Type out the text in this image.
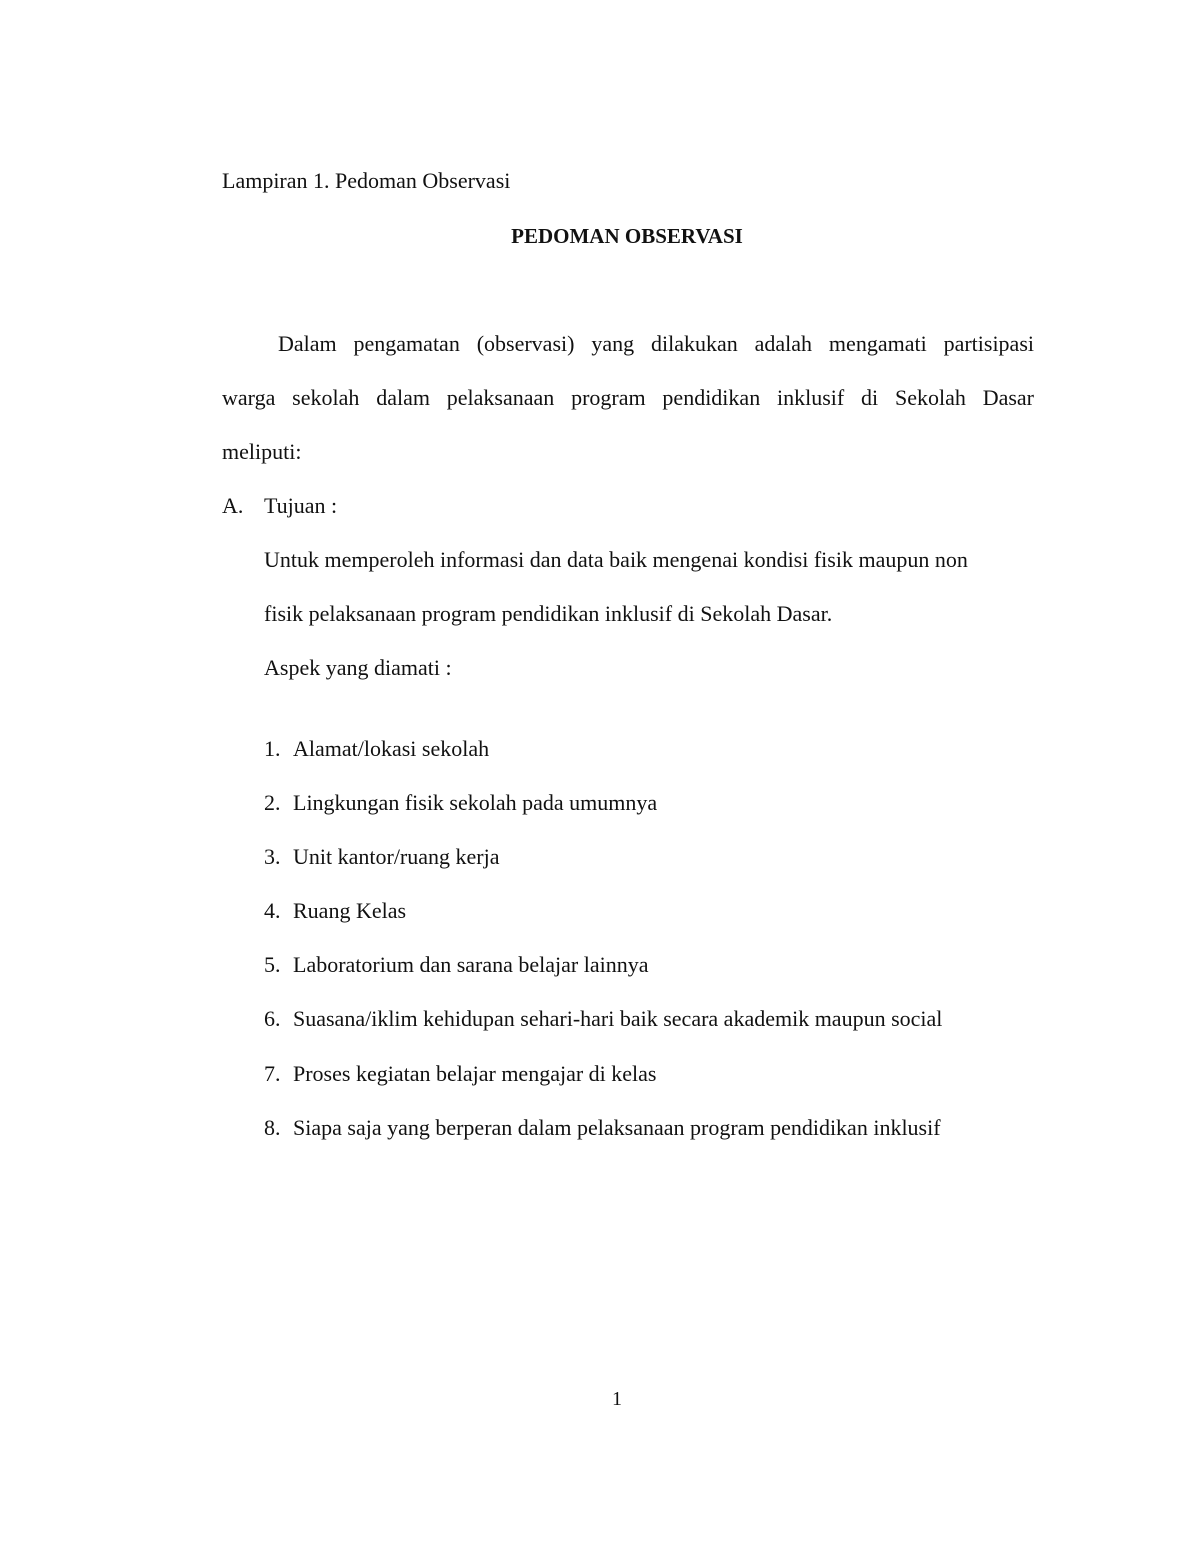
Lampiran 1. Pedoman Observasi
PEDOMAN OBSERVASI
Dalam pengamatan (observasi) yang dilakukan adalah mengamati partisipasi
warga sekolah dalam pelaksanaan program pendidikan inklusif di Sekolah Dasar
meliputi:
A. Tujuan :
Untuk memperoleh informasi dan data baik mengenai kondisi fisik maupun non
fisik pelaksanaan program pendidikan inklusif di Sekolah Dasar.
Aspek yang diamati :
1. Alamat/lokasi sekolah
2. Lingkungan fisik sekolah pada umumnya
3. Unit kantor/ruang kerja
4. Ruang Kelas
5. Laboratorium dan sarana belajar lainnya
6. Suasana/iklim kehidupan sehari-hari baik secara akademik maupun social
7. Proses kegiatan belajar mengajar di kelas
8. Siapa saja yang berperan dalam pelaksanaan program pendidikan inklusif
1
